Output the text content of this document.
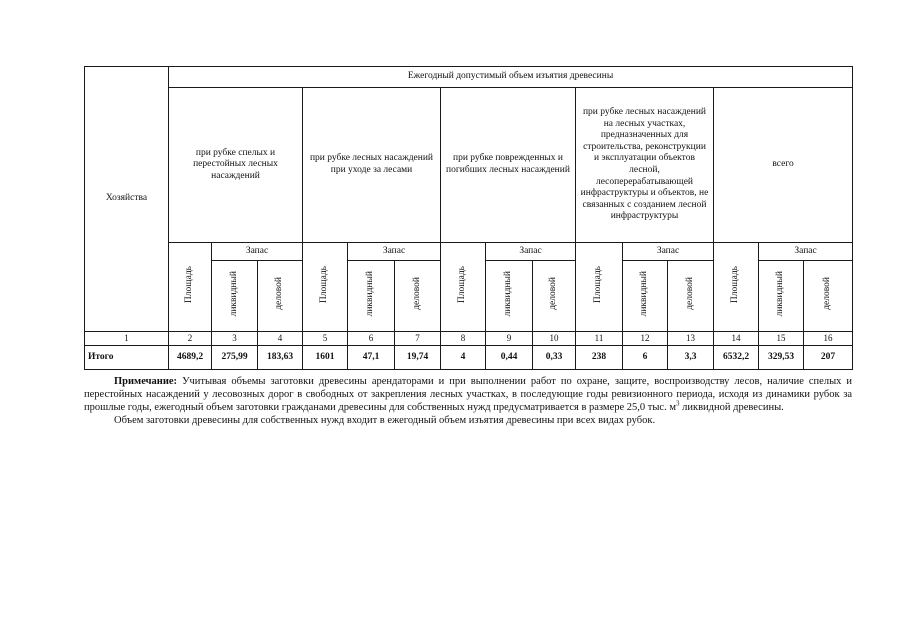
Хозяйства	Ежегодный допустимый объем изъятия древесины														

	при рубке спелых и перестойных лесных насаждений			при рубке лесных насаждений при уходе за лесами			при рубке поврежденных и погибших лесных насаждений			при рубке лесных насаждений на лесных участках, предназначенных для строительства, реконструкции и эксплуатации объектов лесной, лесоперерабатывающей инфраструктуры и объектов, не связанных с созданием лесной инфраструктуры			всего		

	Площадь	Запас		Площадь	Запас		Площадь	Запас		Площадь	Запас		Площадь	Запас	
		ликвидный	деловой		ликвидный	деловой		ликвидный	деловой		ликвидный	деловой		ликвидный	деловой
1	2	3	4	5	6	7	8	9	10	11	12	13	14	15	16
Итого	4689,2	275,99	183,63	1601	47,1	19,74	4	0,44	0,33	238	6	3,3	6532,2	329,53	207

Примечание: Учитывая объемы заготовки древесины арендаторами и при выполнении работ по охране, защите, воспроизводству лесов, наличие спелых и перестойных насаждений у лесовозных дорог в свободных от закрепления лесных участках, в последующие годы ревизионного периода, исходя из динамики рубок за прошлые годы, ежегодный объем заготовки гражданами древесины для собственных нужд предусматривается в размере 25,0 тыс. $м^3$ ликвидной древесины.

Объем заготовки древесины для собственных нужд входит в ежегодный объем изъятия древесины при всех видах рубок.
